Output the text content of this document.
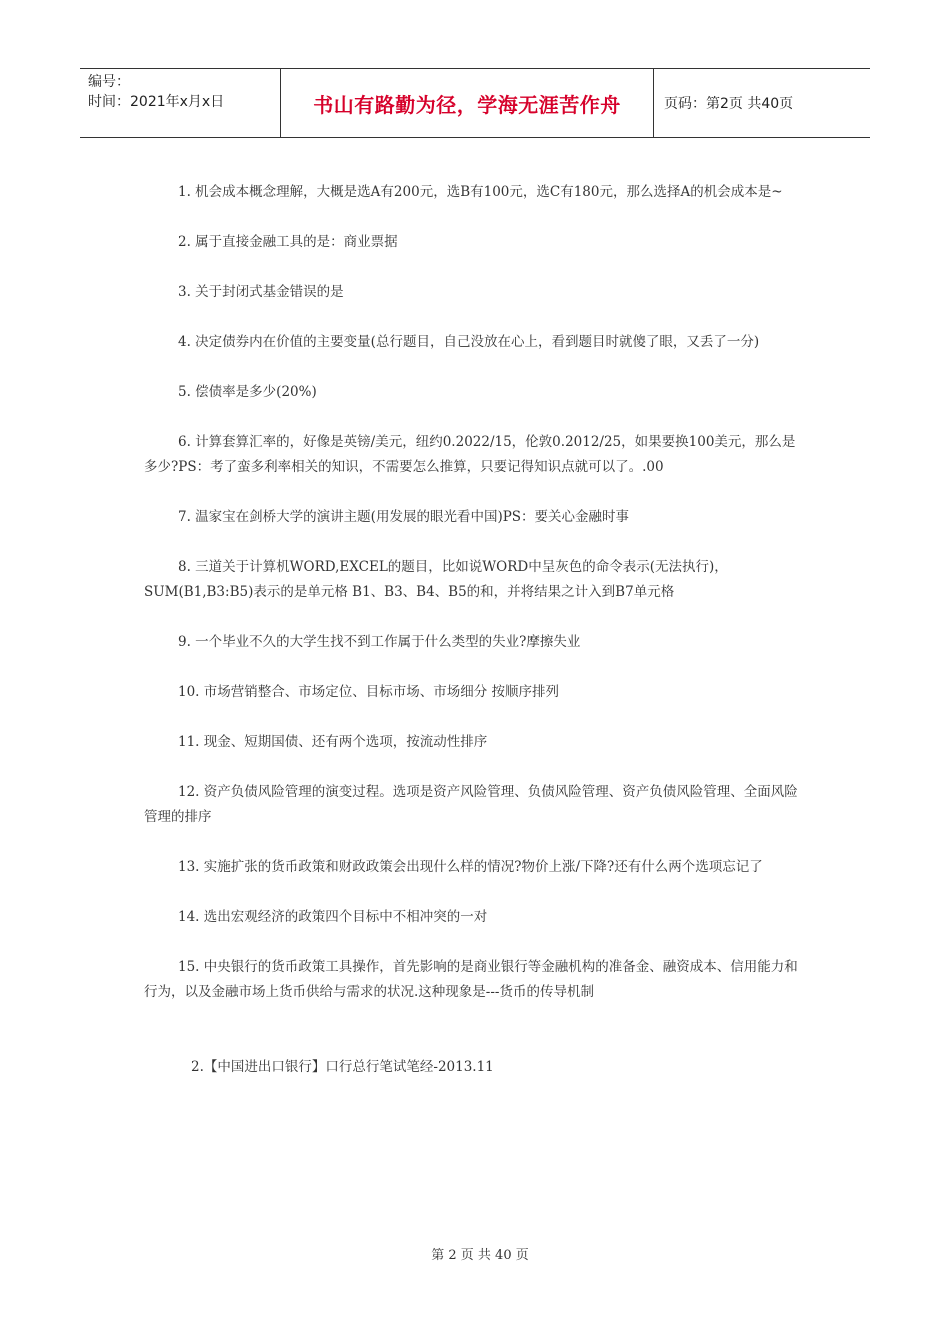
编号：
时间：2021年x月x日	书山有路勤为径，学海无涯苦作舟	页码：第2页 共40页

1. 机会成本概念理解，大概是选A有200元，选B有100元，选C有180元，那么选择A的机会成本是~

2. 属于直接金融工具的是：商业票据

3. 关于封闭式基金错误的是

4. 决定债券内在价值的主要变量(总行题目，自己没放在心上，看到题目时就傻了眼，又丢了一分)

5. 偿债率是多少(20%)

6. 计算套算汇率的，好像是英镑/美元，纽约0.2022/15，伦敦0.2012/25，如果要换100美元，那么是多少?PS：考了蛮多利率相关的知识，不需要怎么推算，只要记得知识点就可以了。.00

7. 温家宝在剑桥大学的演讲主题(用发展的眼光看中国)PS：要关心金融时事

8. 三道关于计算机WORD,EXCEL的题目，比如说WORD中呈灰色的命令表示(无法执行)，SUM(B1,B3:B5)表示的是单元格 B1、B3、B4、B5的和，并将结果之计入到B7单元格

9. 一个毕业不久的大学生找不到工作属于什么类型的失业?摩擦失业

10. 市场营销整合、市场定位、目标市场、市场细分 按顺序排列

11. 现金、短期国债、还有两个选项，按流动性排序

12. 资产负债风险管理的演变过程。选项是资产风险管理、负债风险管理、资产负债风险管理、全面风险管理的排序

13. 实施扩张的货币政策和财政政策会出现什么样的情况?物价上涨/下降?还有什么两个选项忘记了

14. 选出宏观经济的政策四个目标中不相冲突的一对

15. 中央银行的货币政策工具操作，首先影响的是商业银行等金融机构的准备金、融资成本、信用能力和行为，以及金融市场上货币供给与需求的状况.这种现象是---货币的传导机制

2.【中国进出口银行】口行总行笔试笔经-2013.11

第 2 页 共 40 页
